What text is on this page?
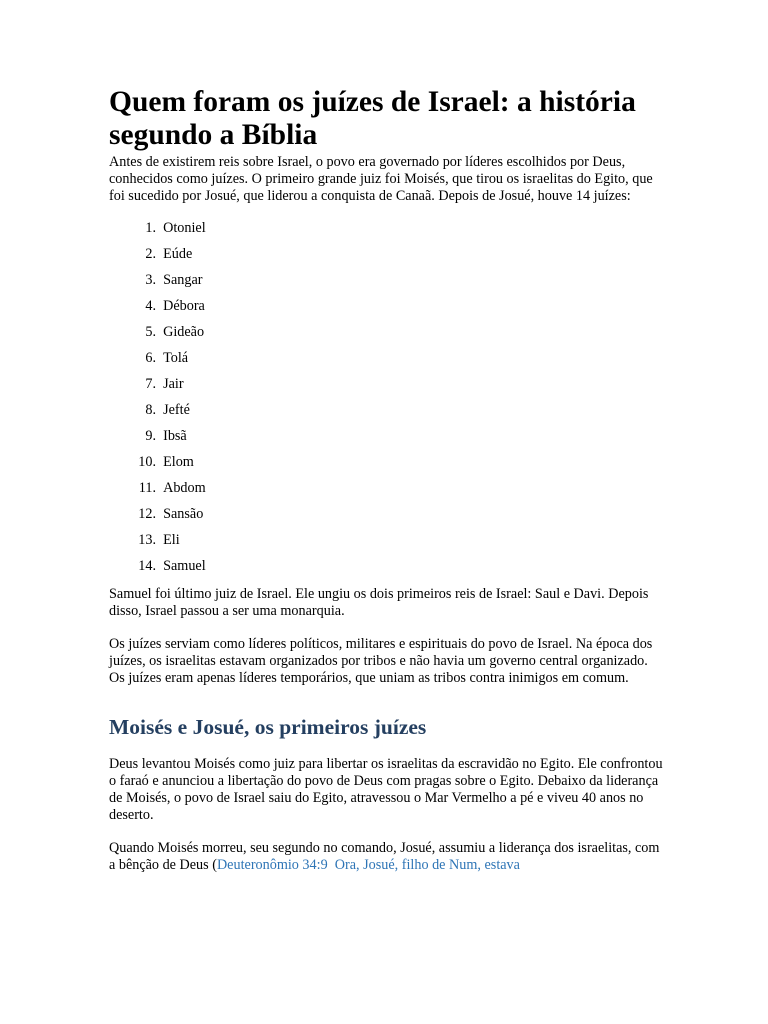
Quem foram os juízes de Israel: a história segundo a Bíblia

Antes de existirem reis sobre Israel, o povo era governado por líderes escolhidos por Deus, conhecidos como juízes. O primeiro grande juiz foi Moisés, que tirou os israelitas do Egito, que foi sucedido por Josué, que liderou a conquista de Canaã. Depois de Josué, houve 14 juízes:

1.
Otoniel
2.
Eúde
3.
Sangar
4.
Débora
5.
Gideão
6.
Tolá
7.
Jair
8.
Jefté
9.
Ibsã
10.
Elom
11.
Abdom
12.
Sansão
13.
Eli
14.
Samuel

Samuel foi último juiz de Israel. Ele ungiu os dois primeiros reis de Israel: Saul e Davi. Depois disso, Israel passou a ser uma monarquia.

Os juízes serviam como líderes políticos, militares e espirituais do povo de Israel. Na época dos juízes, os israelitas estavam organizados por tribos e não havia um governo central organizado. Os juízes eram apenas líderes temporários, que uniam as tribos contra inimigos em comum.

Moisés e Josué, os primeiros juízes

Deus levantou Moisés como juiz para libertar os israelitas da escravidão no Egito. Ele confrontou o faraó e anunciou a libertação do povo de Deus com pragas sobre o Egito. Debaixo da liderança de Moisés, o povo de Israel saiu do Egito, atravessou o Mar Vermelho a pé e viveu 40 anos no deserto.

Quando Moisés morreu, seu segundo no comando, Josué, assumiu a liderança dos israelitas, com a bênção de Deus (Deuteronômio 34:9 Ora, Josué, filho de Num, estava
